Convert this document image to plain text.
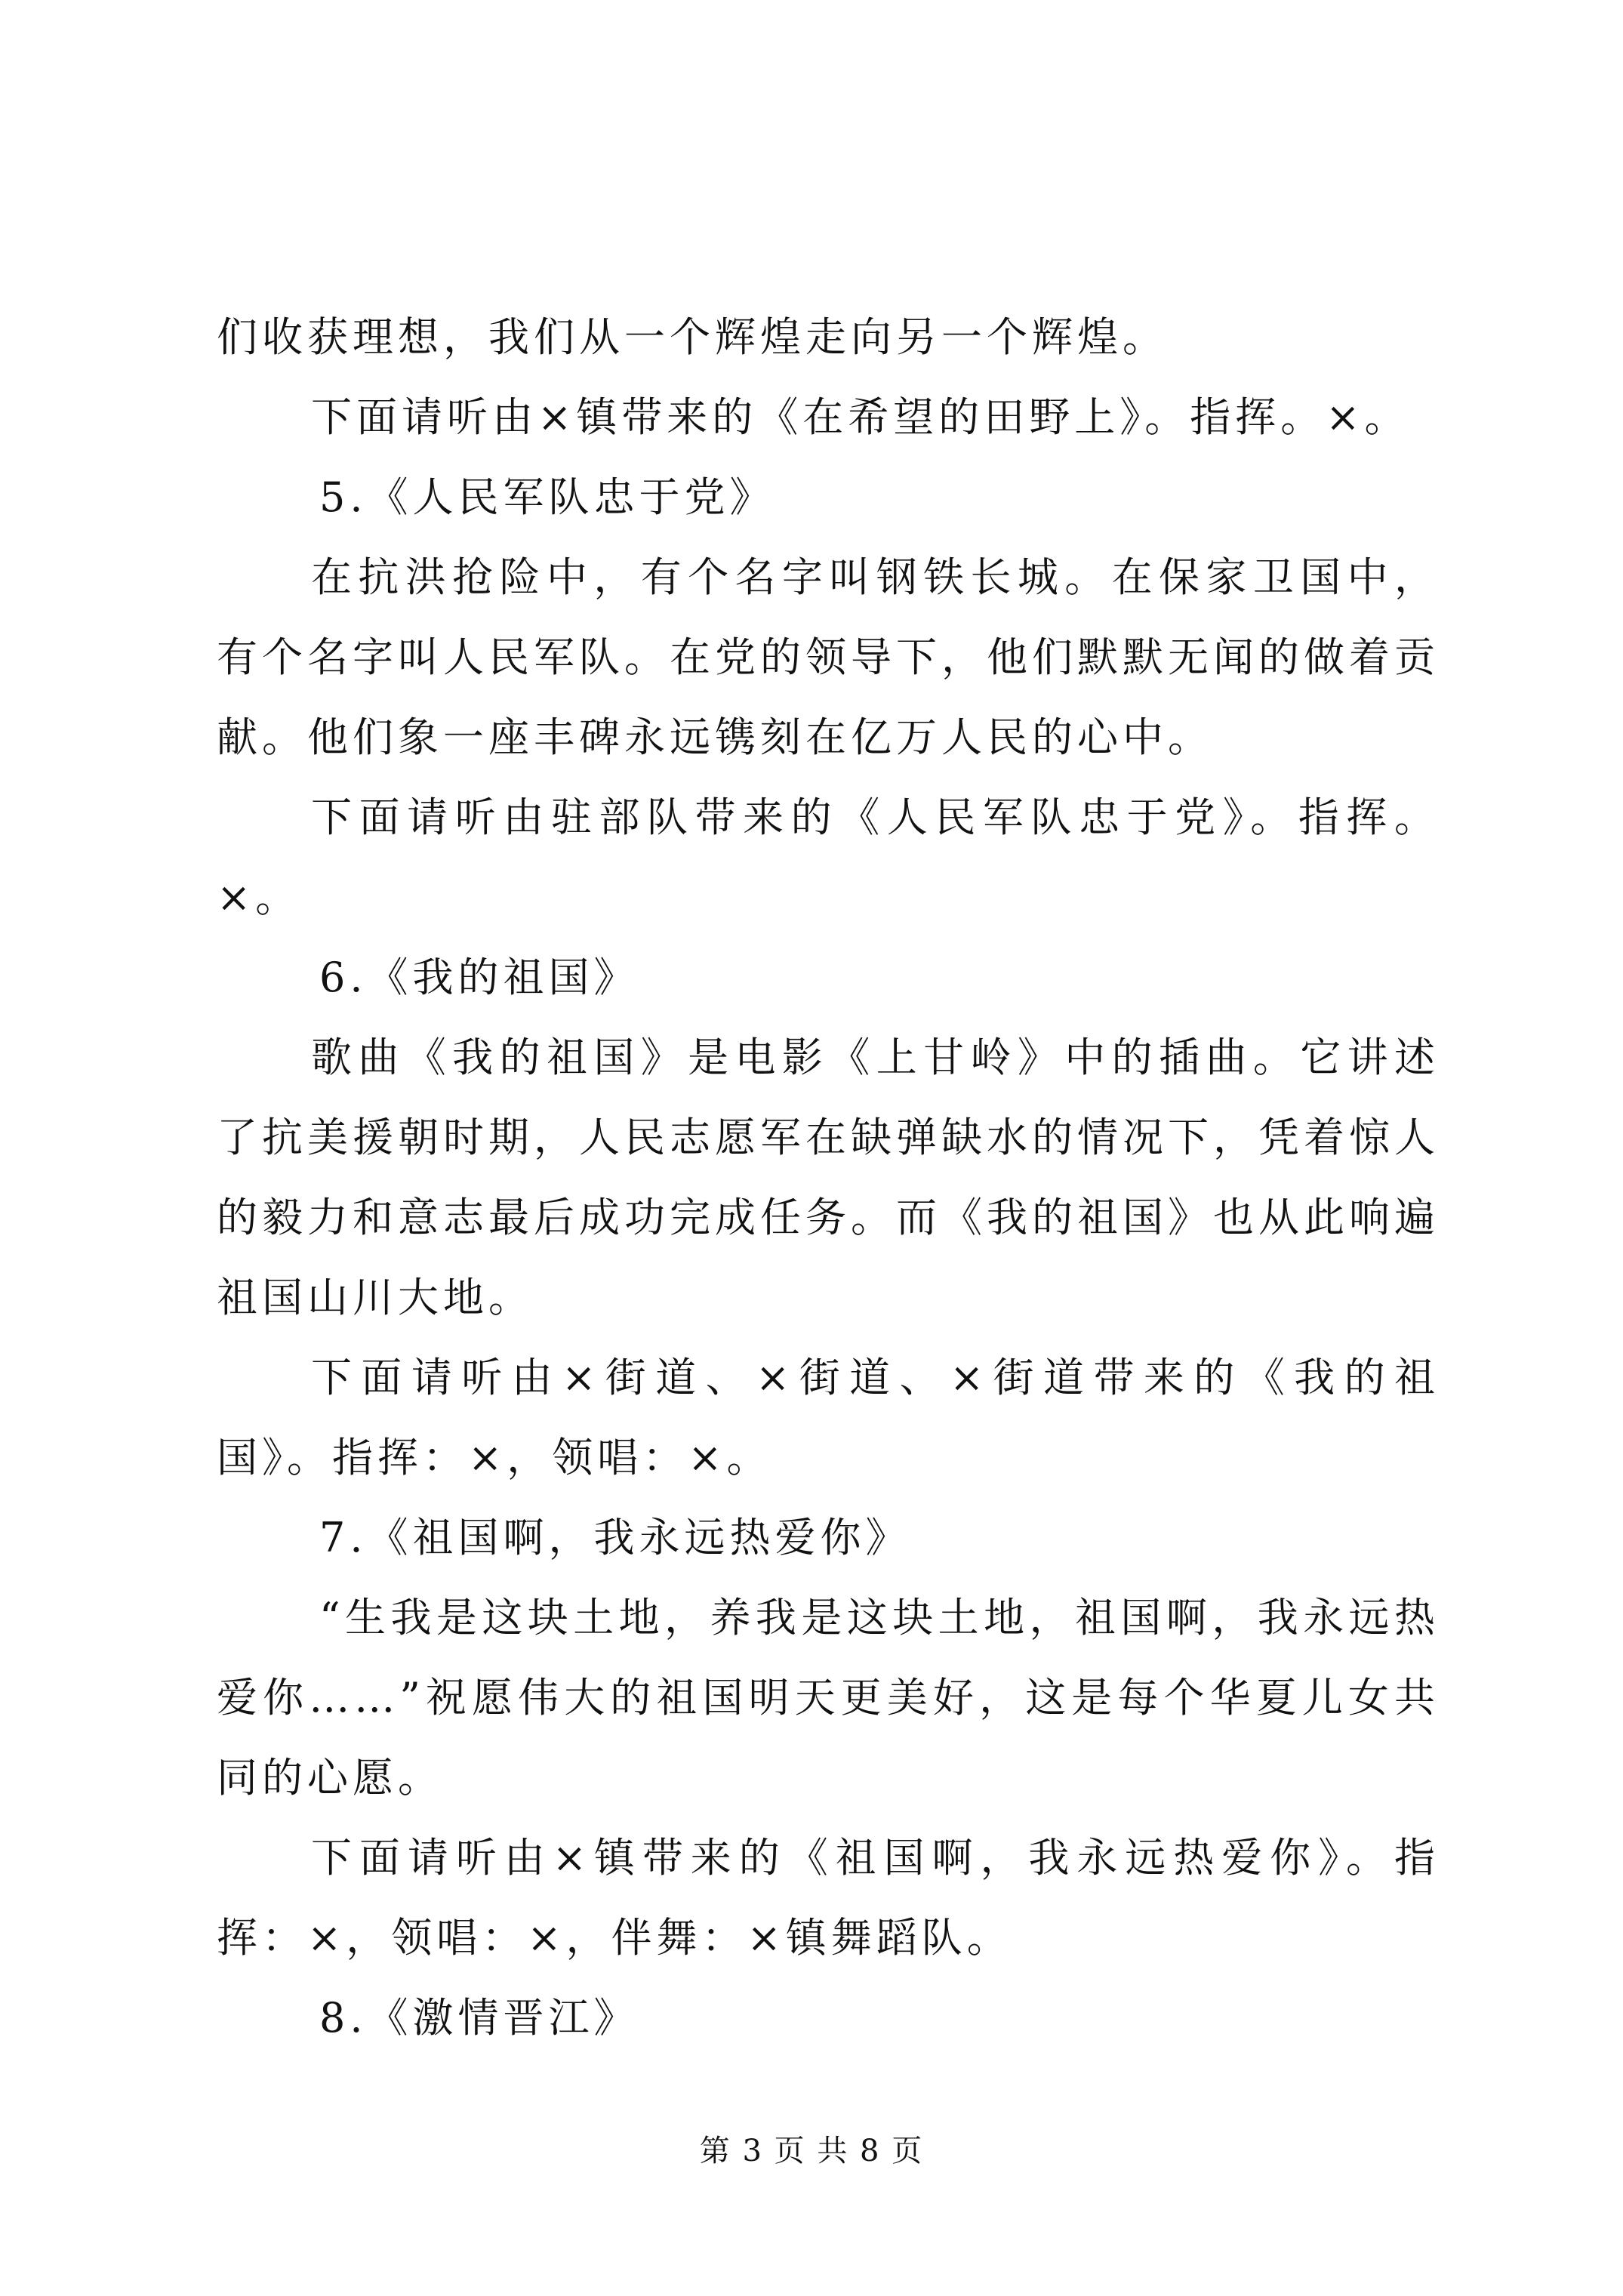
们收获理想，我们从一个辉煌走向另一个辉煌。

下面请听由×镇带来的《在希望的田野上》。指挥。×。

5.《人民军队忠于党》

在抗洪抢险中，有个名字叫钢铁长城。在保家卫国中，有个名字叫人民军队。在党的领导下，他们默默无闻的做着贡献。他们象一座丰碑永远镌刻在亿万人民的心中。

下面请听由驻部队带来的《人民军队忠于党》。指挥。×。

6.《我的祖国》

歌曲《我的祖国》是电影《上甘岭》中的插曲。它讲述了抗美援朝时期，人民志愿军在缺弹缺水的情况下，凭着惊人的毅力和意志最后成功完成任务。而《我的祖国》也从此响遍祖国山川大地。

下面请听由×街道、×街道、×街道带来的《我的祖国》。指挥：×，领唱：×。

7.《祖国啊，我永远热爱你》

“生我是这块土地，养我是这块土地，祖国啊，我永远热爱你……”祝愿伟大的祖国明天更美好，这是每个华夏儿女共同的心愿。

下面请听由×镇带来的《祖国啊，我永远热爱你》。指挥：×，领唱：×，伴舞：×镇舞蹈队。

8.《激情晋江》

第 3 页 共 8 页
